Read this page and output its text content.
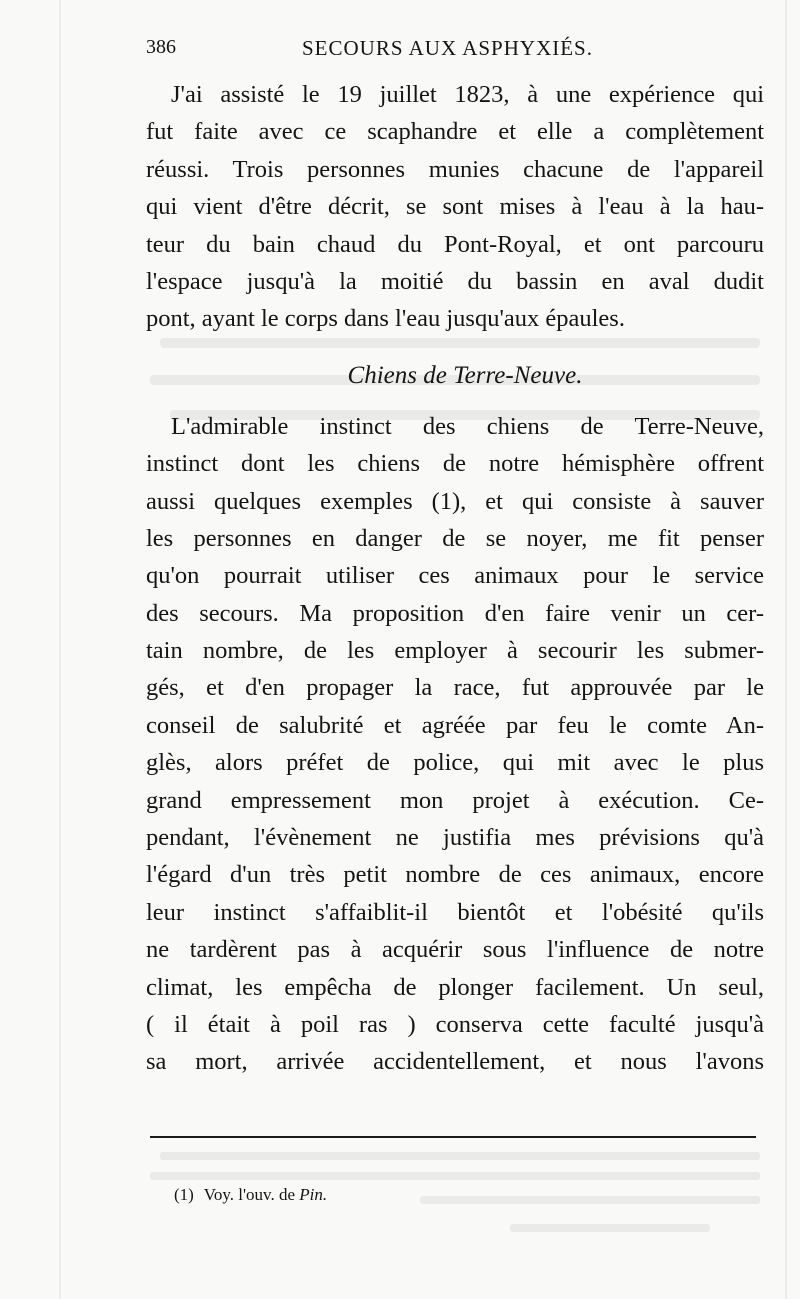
386	SECOURS AUX ASPHYXIÉS.
J'ai assisté le 19 juillet 1823, à une expérience qui
fut faite avec ce scaphandre et elle a complètement
réussi. Trois personnes munies chacune de l'appareil
qui vient d'être décrit, se sont mises à l'eau à la hau-
teur du bain chaud du Pont-Royal, et ont parcouru
l'espace jusqu'à la moitié du bassin en aval dudit
pont, ayant le corps dans l'eau jusqu'aux épaules.
Chiens de Terre-Neuve.
L'admirable instinct des chiens de Terre-Neuve,
instinct dont les chiens de notre hémisphère offrent
aussi quelques exemples (1), et qui consiste à sauver
les personnes en danger de se noyer, me fit penser
qu'on pourrait utiliser ces animaux pour le service
des secours. Ma proposition d'en faire venir un cer-
tain nombre, de les employer à secourir les submer-
gés, et d'en propager la race, fut approuvée par le
conseil de salubrité et agréée par feu le comte An-
glès, alors préfet de police, qui mit avec le plus
grand empressement mon projet à exécution. Ce-
pendant, l'évènement ne justifia mes prévisions qu'à
l'égard d'un très petit nombre de ces animaux, encore
leur instinct s'affaiblit-il bientôt et l'obésité qu'ils
ne tardèrent pas à acquérir sous l'influence de notre
climat, les empêcha de plonger facilement. Un seul,
( il était à poil ras ) conserva cette faculté jusqu'à
sa mort, arrivée accidentellement, et nous l'avons
(1) Voy. l'ouv. de Pin.
